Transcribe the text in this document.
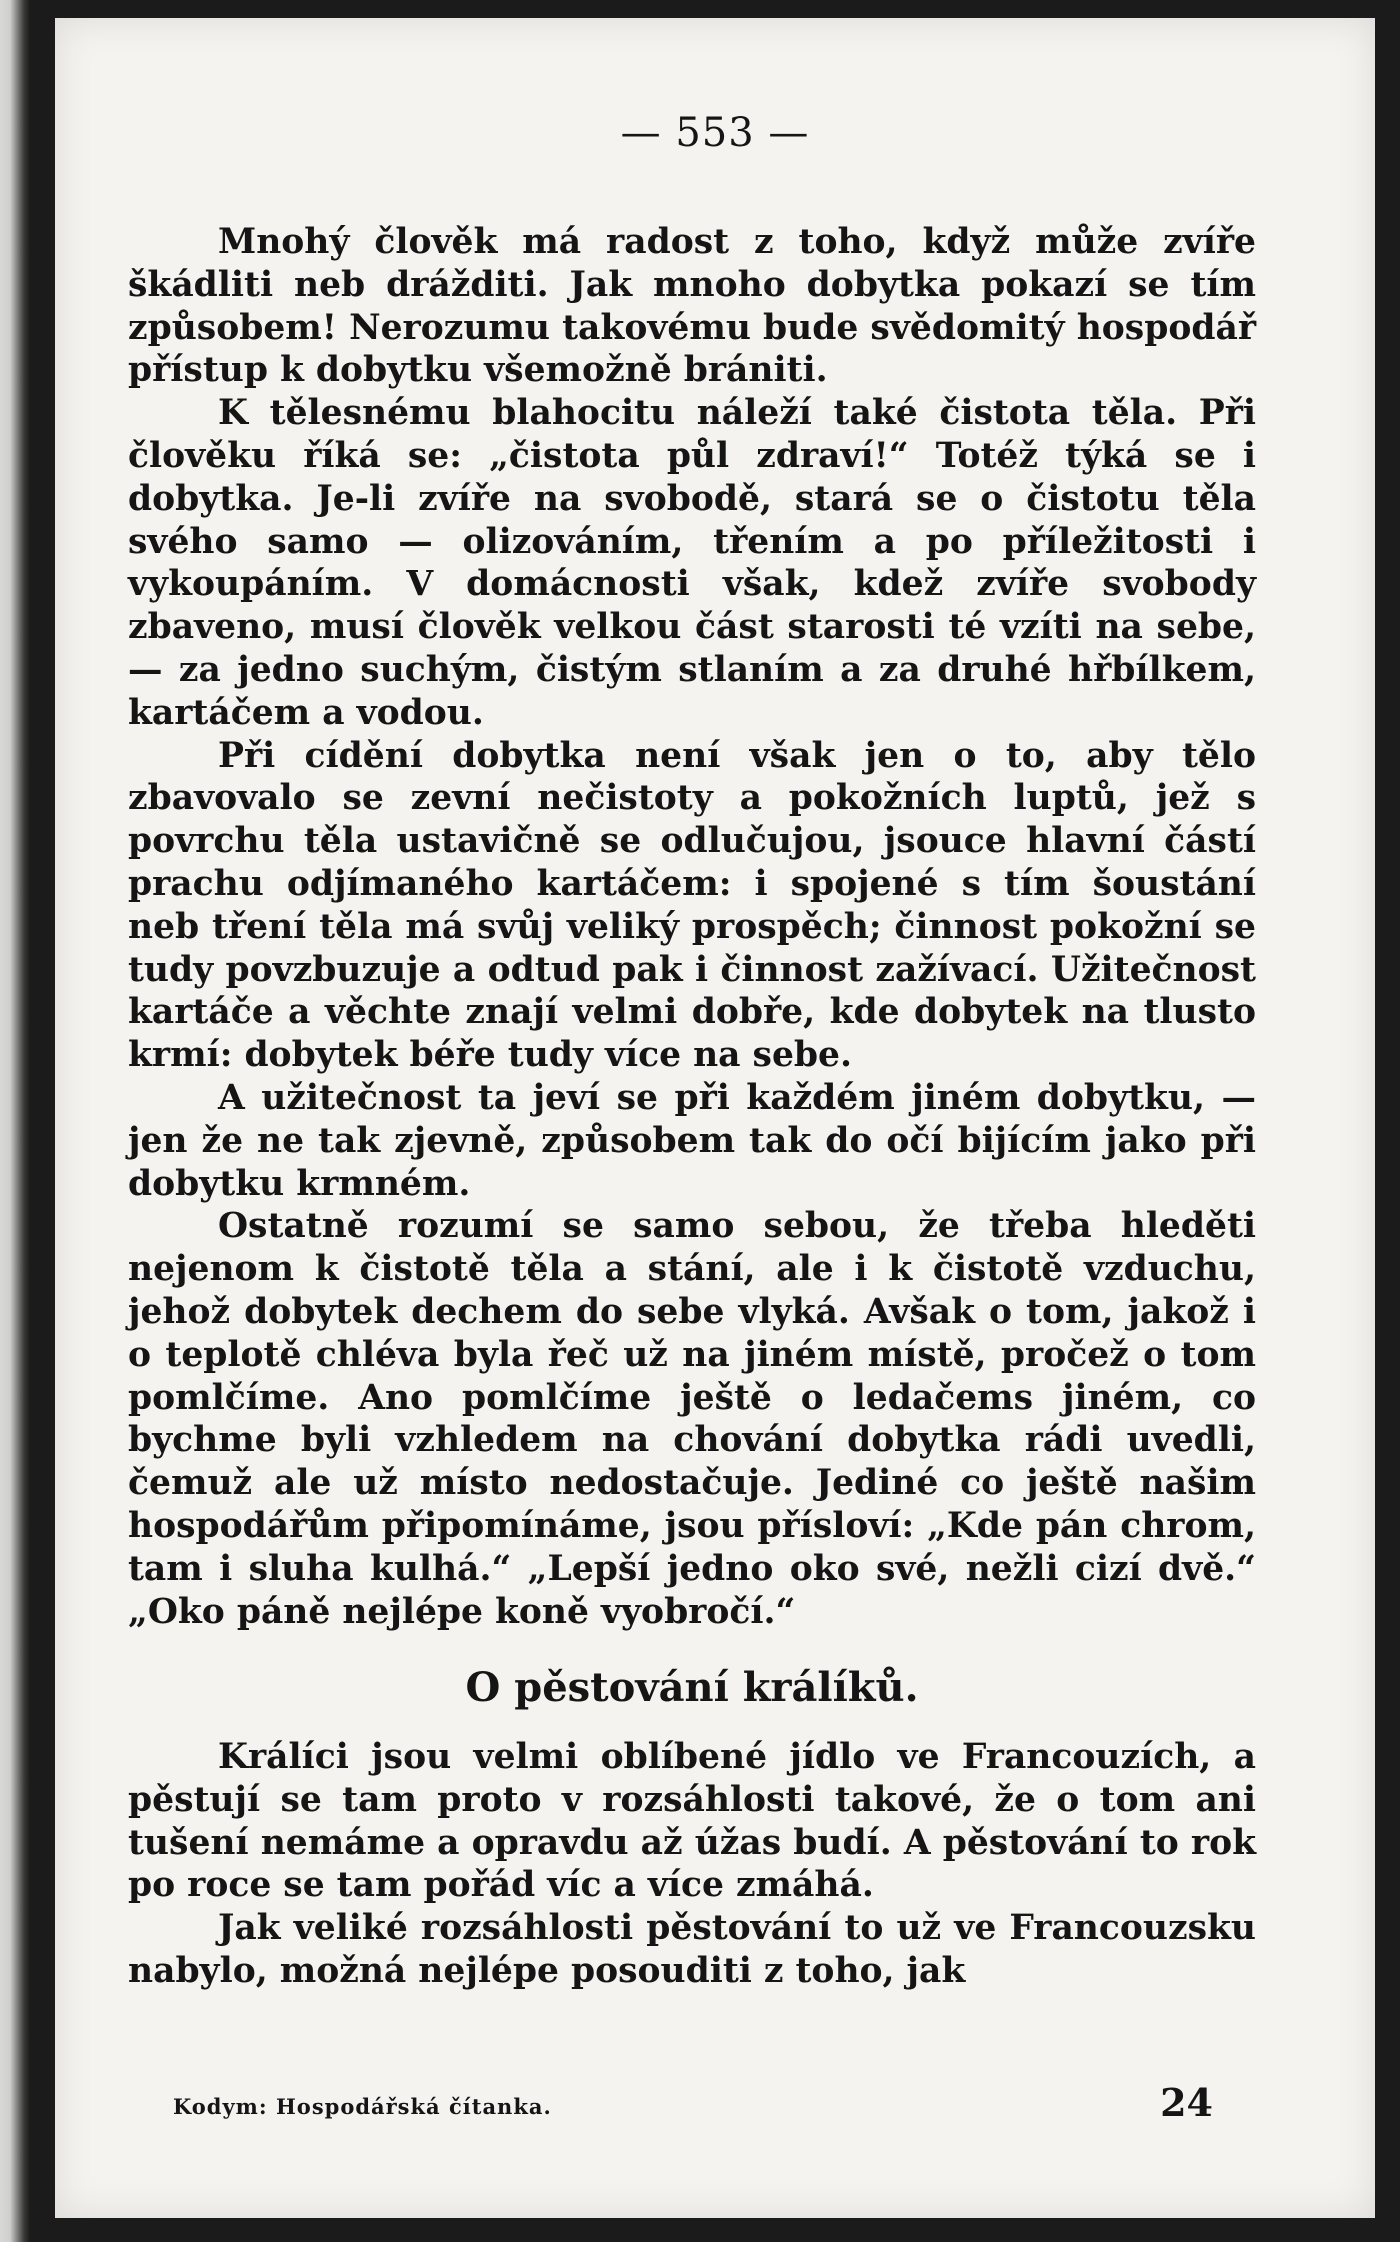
— 553 —

Mnohý člověk má radost z toho, když může zvíře škádliti neb drážditi. Jak mnoho dobytka pokazí se tím způsobem! Nerozumu takovému bude svědomitý hospodář přístup k dobytku všemožně brániti.

K tělesnému blahocitu náleží také čistota těla. Při člověku říká se: „čistota půl zdraví!“ Totéž týká se i dobytka. Je-li zvíře na svobodě, stará se o čistotu těla svého samo — olizováním, třením a po příležitosti i vykoupáním. V domácnosti však, kdež zvíře svobody zbaveno, musí člověk velkou část starosti té vzíti na sebe, — za jedno suchým, čistým stlaním a za druhé hřbílkem, kartáčem a vodou.

Při cídění dobytka není však jen o to, aby tělo zbavovalo se zevní nečistoty a pokožních luptů, jež s povrchu těla ustavičně se odlučujou, jsouce hlavní částí prachu odjímaného kartáčem: i spojené s tím šoustání neb tření těla má svůj veliký prospěch; činnost pokožní se tudy povzbuzuje a odtud pak i činnost zažívací. Užitečnost kartáče a věchte znají velmi dobře, kde dobytek na tlusto krmí: dobytek béře tudy více na sebe.

A užitečnost ta jeví se při každém jiném dobytku, — jen že ne tak zjevně, způsobem tak do očí bijícím jako při dobytku krmném.

Ostatně rozumí se samo sebou, že třeba hleděti nejenom k čistotě těla a stání, ale i k čistotě vzduchu, jehož dobytek dechem do sebe vlyká. Avšak o tom, jakož i o teplotě chléva byla řeč už na jiném místě, pročež o tom pomlčíme. Ano pomlčíme ještě o ledačems jiném, co bychme byli vzhledem na chování dobytka rádi uvedli, čemuž ale už místo nedostačuje. Jediné co ještě našim hospodářům připomínáme, jsou přísloví: „Kde pán chrom, tam i sluha kulhá.“ „Lepší jedno oko své, nežli cizí dvě.“ „Oko páně nejlépe koně vyobročí.“

O pěstování králíků.

Králíci jsou velmi oblíbené jídlo ve Francouzích, a pěstují se tam proto v rozsáhlosti takové, že o tom ani tušení nemáme a opravdu až úžas budí. A pěstování to rok po roce se tam pořád víc a více zmáhá.

Jak veliké rozsáhlosti pěstování to už ve Francouzsku nabylo, možná nejlépe posouditi z toho, jak

Kodym: Hospodářská čítanka.	24
